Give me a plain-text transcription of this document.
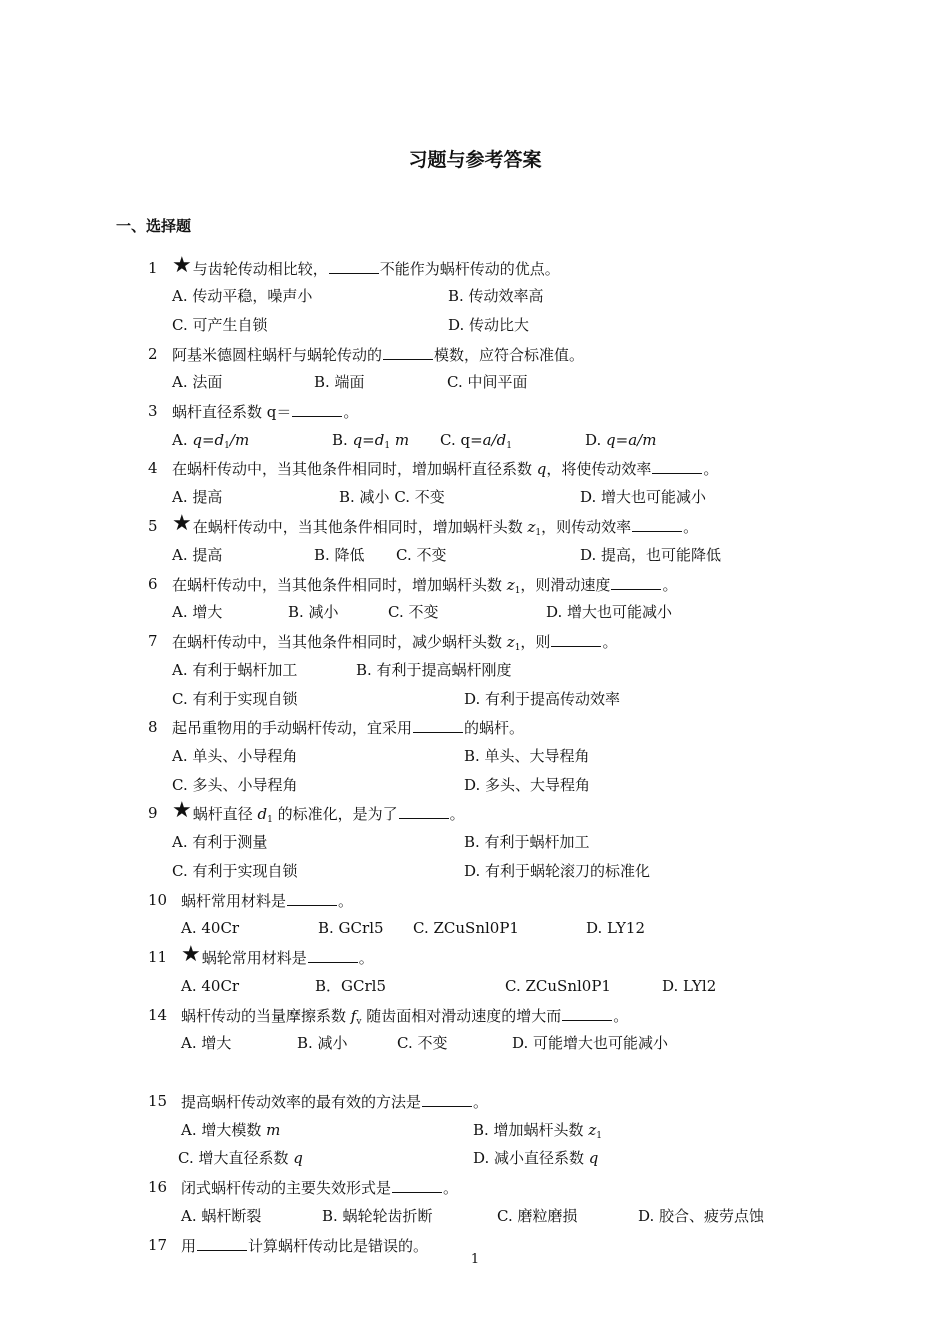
习题与参考答案
一、选择题
1 ★与齿轮传动相比较，	不能作为蜗杆传动的优点。
A. 传动平稳，噪声小	B. 传动效率高
C. 可产生自锁	D. 传动比大
2 阿基米德圆柱蜗杆与蜗轮传动的	模数，应符合标准值。
A. 法面	B. 端面	C. 中间平面
3 蜗杆直径系数 q＝	。
A. $q=d_1/m$	B. $q=d_1$ m C. $q=a/d_1$	D. q=a/m
4 在蜗杆传动中，当其他条件相同时，增加蜗杆直径系数 q，将使传动效率	。
A. 提高	B. 减小 C. 不变	D. 增大也可能减小
5 ★在蜗杆传动中，当其他条件相同时，增加蜗杆头数 $z_1$，则传动效率	。
A. 提高	B. 降低 C. 不变	D. 提高，也可能降低
6 在蜗杆传动中，当其他条件相同时，增加蜗杆头数 $z_1$，则滑动速度	。
A. 增大	B. 减小	C. 不变	D. 增大也可能减小
7 在蜗杆传动中，当其他条件相同时，减少蜗杆头数 $z_1$，则	。
A. 有利于蜗杆加工	B. 有利于提高蜗杆刚度
C. 有利于实现自锁	D. 有利于提高传动效率
8 起吊重物用的手动蜗杆传动，宜采用	的蜗杆。
A. 单头、小导程角	B. 单头、大导程角
C. 多头、小导程角	D. 多头、大导程角
9 ★蜗杆直径 $d_1$ 的标准化，是为了	。
A. 有利于测量	B. 有利于蜗杆加工
C. 有利于实现自锁	D. 有利于蜗轮滚刀的标准化
10 蜗杆常用材料是	。
A. 40Cr	B. GCrl5 C. ZCuSnl0P1	D. LY12
11 ★蜗轮常用材料是	。
A. 40Cr	B．GCrl5	C. ZCuSnl0P1	D. LYl2
14 蜗杆传动的当量摩擦系数 $f_v$ 随齿面相对滑动速度的增大而	。
A. 增大	B. 减小	C. 不变	D. 可能增大也可能减小
15 提高蜗杆传动效率的最有效的方法是	。
A. 增大模数 m	B. 增加蜗杆头数 $z_1$
C. 增大直径系数 q	D. 减小直径系数 q
16 闭式蜗杆传动的主要失效形式是	。
A. 蜗杆断裂	B. 蜗轮轮齿折断	C. 磨粒磨损	D. 胶合、疲劳点蚀
17 用	计算蜗杆传动比是错误的。
1
